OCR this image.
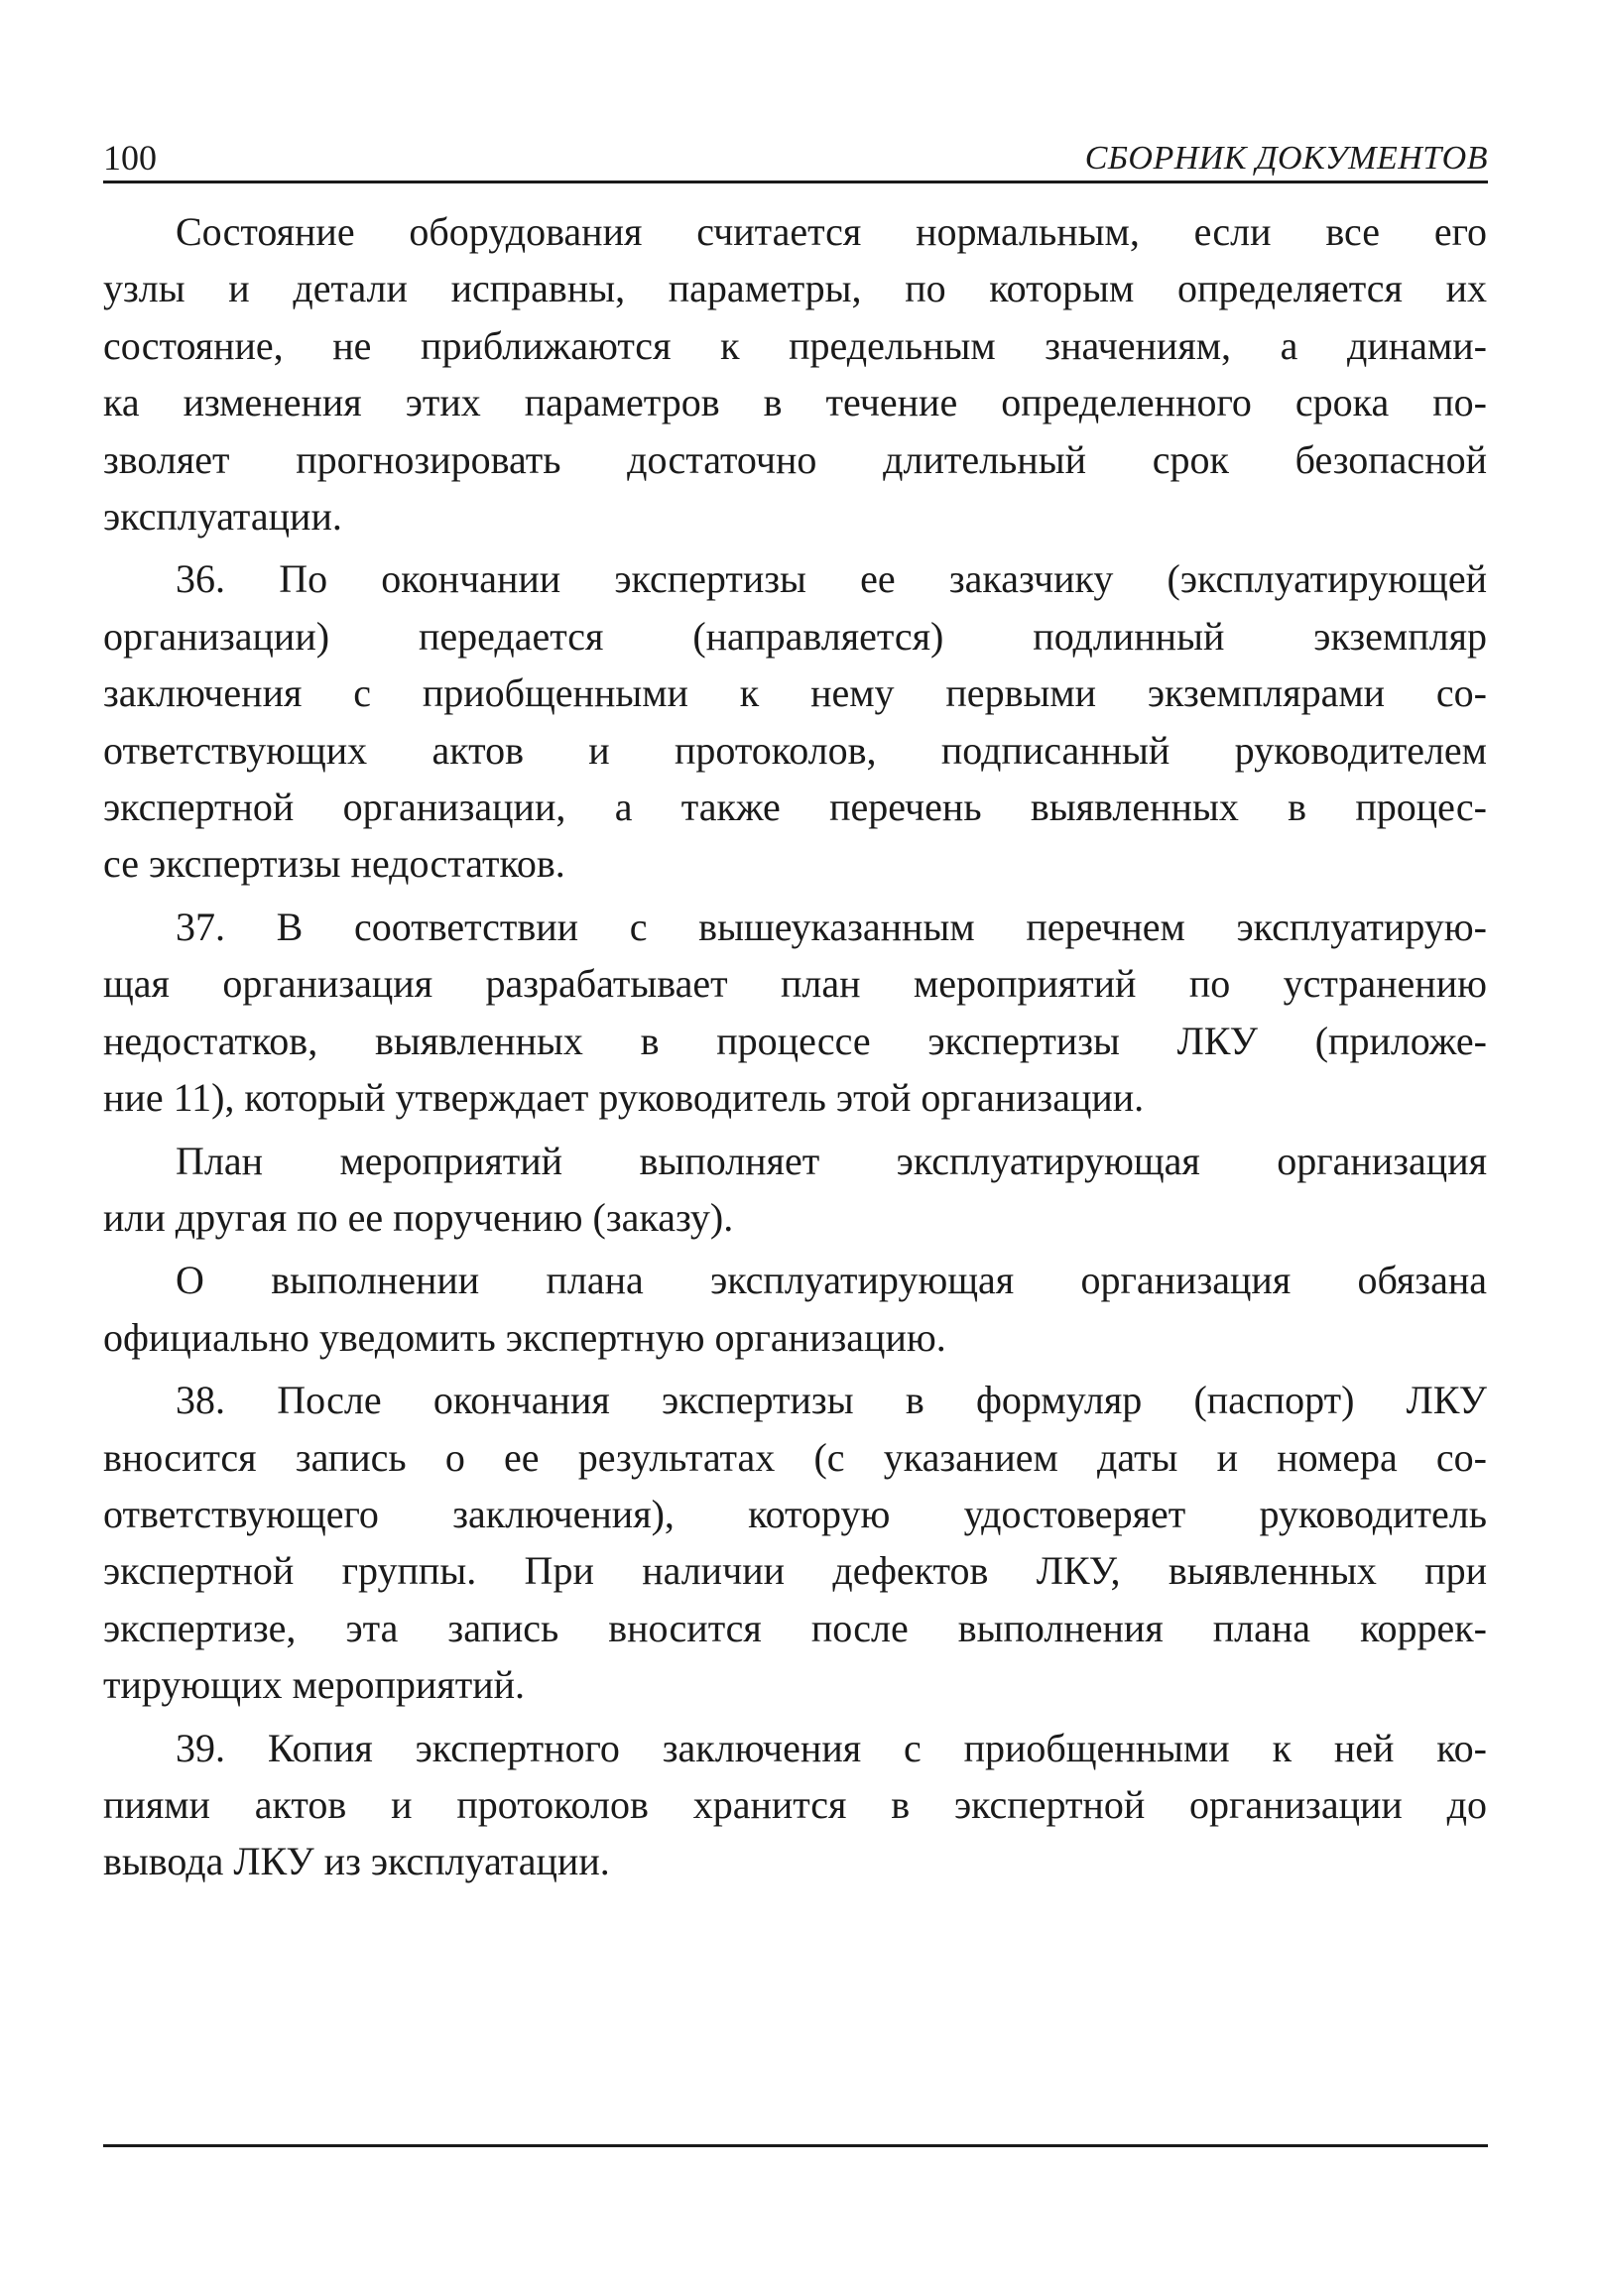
100	СБОРНИК ДОКУМЕНТОВ

Состояние оборудования считается нормальным, если все его
узлы и детали исправны, параметры, по которым определяется их
состояние, не приближаются к предельным значениям, а динами-
ка изменения этих параметров в течение определенного срока по-
зволяет прогнозировать достаточно длительный срок безопасной
эксплуатации.

36. По окончании экспертизы ее заказчику (эксплуатирующей
организации) передается (направляется) подлинный экземпляр
заключения с приобщенными к нему первыми экземплярами со-
ответствующих актов и протоколов, подписанный руководителем
экспертной организации, а также перечень выявленных в процес-
се экспертизы недостатков.

37. В соответствии с вышеуказанным перечнем эксплуатирую-
щая организация разрабатывает план мероприятий по устранению
недостатков, выявленных в процессе экспертизы ЛКУ (приложе-
ние 11), который утверждает руководитель этой организации.

План мероприятий выполняет эксплуатирующая организация
или другая по ее поручению (заказу).

О выполнении плана эксплуатирующая организация обязана
официально уведомить экспертную организацию.

38. После окончания экспертизы в формуляр (паспорт) ЛКУ
вносится запись о ее результатах (с указанием даты и номера со-
ответствующего заключения), которую удостоверяет руководитель
экспертной группы. При наличии дефектов ЛКУ, выявленных при
экспертизе, эта запись вносится после выполнения плана коррек-
тирующих мероприятий.

39. Копия экспертного заключения с приобщенными к ней ко-
пиями актов и протоколов хранится в экспертной организации до
вывода ЛКУ из эксплуатации.
